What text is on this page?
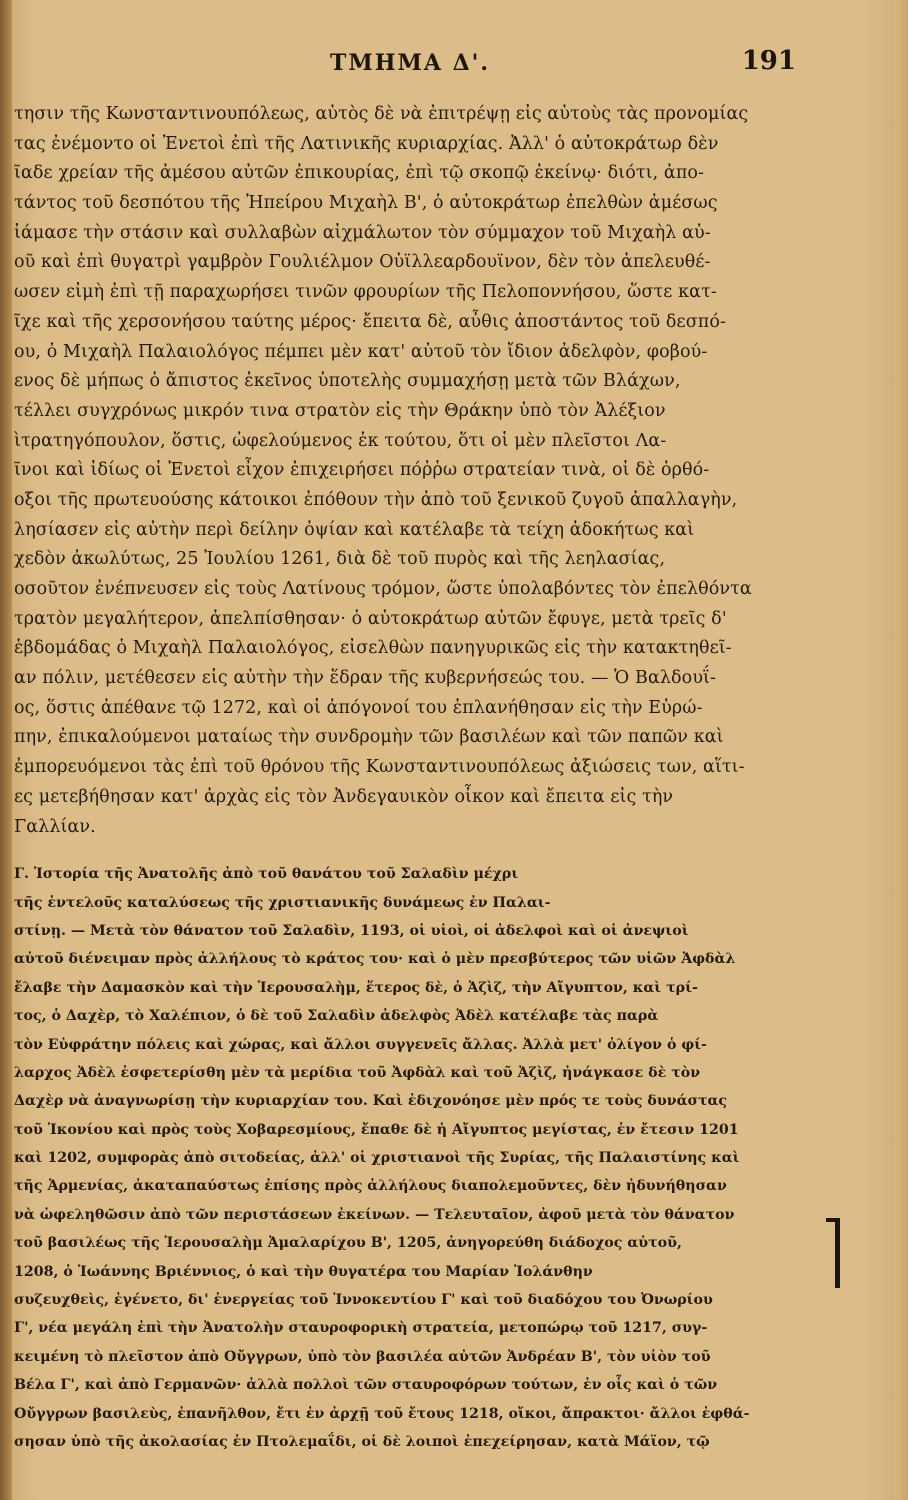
ΤΜΗΜΑ Δ'.	191
τησιν τῆς Κωνσταντινουπόλεως, αὐτὸς δὲ νὰ ἐπιτρέψῃ εἰς αὐτοὺς τὰς προνομίας
τας ἐνέμοντο οἱ Ἐνετοὶ ἐπὶ τῆς Λατινικῆς κυριαρχίας. Ἀλλ' ὁ αὐτοκράτωρ δὲν
ῖαδε χρείαν τῆς ἀμέσου αὐτῶν ἐπικουρίας, ἐπὶ τῷ σκοπῷ ἐκείνῳ· διότι, ἀπο-
τάντος τοῦ δεσπότου τῆς Ἠπείρου Μιχαὴλ Β', ὁ αὐτοκράτωρ ἐπελθὼν ἀμέσως
ἰάμασε τὴν στάσιν καὶ συλλαβὼν αἰχμάλωτον τὸν σύμμαχον τοῦ Μιχαὴλ αὐ-
οῦ καὶ ἐπὶ θυγατρὶ γαμβρὸν Γουλιέλμον Οὐϊλλεαρδουϊνον, δὲν τὸν ἀπελευθέ-
ωσεν εἰμὴ ἐπὶ τῇ παραχωρήσει τινῶν φρουρίων τῆς Πελοποννήσου, ὥστε κατ-
ῖχε καὶ τῆς χερσονήσου ταύτης μέρος· ἔπειτα δὲ, αὖθις ἀποστάντος τοῦ δεσπό-
ου, ὁ Μιχαὴλ Παλαιολόγος πέμπει μὲν κατ' αὐτοῦ τὸν ἴδιον ἀδελφὸν, φοβού-
ενος δὲ μήπως ὁ ἄπιστος ἐκεῖνος ὑποτελὴς συμμαχήσῃ μετὰ τῶν Βλάχων,
τέλλει συγχρόνως μικρόν τινα στρατὸν εἰς τὴν Θράκην ὑπὸ τὸν Ἀλέξιον
ὶτρατηγόπουλον, ὅστις, ὠφελούμενος ἐκ τούτου, ὅτι οἱ μὲν πλεῖστοι Λα-
ῖνοι καὶ ἰδίως οἱ Ἐνετοὶ εἶχον ἐπιχειρήσει πόῤῥω στρατείαν τινὰ, οἱ δὲ ὀρθό-
οξοι τῆς πρωτευούσης κάτοικοι ἐπόθουν τὴν ἀπὸ τοῦ ξενικοῦ ζυγοῦ ἀπαλλαγὴν,
λησίασεν εἰς αὐτὴν περὶ δείλην ὀψίαν καὶ κατέλαβε τὰ τείχη ἀδοκήτως καὶ
χεδὸν ἀκωλύτως, 25 Ἰουλίου 1261, διὰ δὲ τοῦ πυρὸς καὶ τῆς λεηλασίας,
οσοῦτον ἐνέπνευσεν εἰς τοὺς Λατίνους τρόμον, ὥστε ὑπολαβόντες τὸν ἐπελθόντα
τρατὸν μεγαλήτερον, ἀπελπίσθησαν· ὁ αὐτοκράτωρ αὐτῶν ἔφυγε, μετὰ τρεῖς δ'
ἑβδομάδας ὁ Μιχαὴλ Παλαιολόγος, εἰσελθὼν πανηγυρικῶς εἰς τὴν κατακτηθεῖ-
αν πόλιν, μετέθεσεν εἰς αὐτὴν τὴν ἕδραν τῆς κυβερνήσεώς του. — Ὁ Βαλδουΐ-
ος, ὅστις ἀπέθανε τῷ 1272, καὶ οἱ ἀπόγονοί του ἐπλανήθησαν εἰς τὴν Εὐρώ-
πην, ἐπικαλούμενοι ματαίως τὴν συνδρομὴν τῶν βασιλέων καὶ τῶν παπῶν καὶ
ἐμπορευόμενοι τὰς ἐπὶ τοῦ θρόνου τῆς Κωνσταντινουπόλεως ἀξιώσεις των, αἵτι-
ες μετεβήθησαν κατ' ἀρχὰς εἰς τὸν Ἀνδεγαυικὸν οἶκον καὶ ἔπειτα εἰς τὴν
Γαλλίαν.
Γ. Ἱστορία τῆς Ἀνατολῆς ἀπὸ τοῦ θανάτου τοῦ Σαλαδὶν μέχρι
τῆς ἐντελοῦς καταλύσεως τῆς χριστιανικῆς δυνάμεως ἐν Παλαι-
στίνῃ. — Μετὰ τὸν θάνατον τοῦ Σαλαδὶν, 1193, οἱ υἱοὶ, οἱ ἀδελφοὶ καὶ οἱ ἀνεψιοὶ
αὐτοῦ διένειμαν πρὸς ἀλλήλους τὸ κράτος του· καὶ ὁ μὲν πρεσβύτερος τῶν υἱῶν Ἀφδὰλ
ἔλαβε τὴν Δαμασκὸν καὶ τὴν Ἱερουσαλὴμ, ἕτερος δὲ, ὁ Ἀζὶζ, τὴν Αἴγυπτον, καὶ τρί-
τος, ὁ Δαχὲρ, τὸ Χαλέπιον, ὁ δὲ τοῦ Σαλαδὶν ἀδελφὸς Ἀδὲλ κατέλαβε τὰς παρὰ
τὸν Εὐφράτην πόλεις καὶ χώρας, καὶ ἄλλοι συγγενεῖς ἄλλας. Ἀλλὰ μετ' ὀλίγον ὁ φί-
λαρχος Ἀδὲλ ἐσφετερίσθη μὲν τὰ μερίδια τοῦ Ἀφδὰλ καὶ τοῦ Ἀζὶζ, ἠνάγκασε δὲ τὸν
Δαχὲρ νὰ ἀναγνωρίσῃ τὴν κυριαρχίαν του. Καὶ ἐδιχονόησε μὲν πρός τε τοὺς δυνάστας
τοῦ Ἰκονίου καὶ πρὸς τοὺς Χοβαρεσμίους, ἔπαθε δὲ ἡ Αἴγυπτος μεγίστας, ἐν ἔτεσιν 1201
καὶ 1202, συμφορὰς ἀπὸ σιτοδείας, ἀλλ' οἱ χριστιανοὶ τῆς Συρίας, τῆς Παλαιστίνης καὶ
τῆς Ἀρμενίας, ἀκαταπαύστως ἐπίσης πρὸς ἀλλήλους διαπολεμοῦντες, δὲν ἠδυνήθησαν
νὰ ὠφεληθῶσιν ἀπὸ τῶν περιστάσεων ἐκείνων. — Τελευταῖον, ἀφοῦ μετὰ τὸν θάνατον
τοῦ βασιλέως τῆς Ἱερουσαλὴμ Ἀμαλαρίχου Β', 1205, ἀνηγορεύθη διάδοχος αὐτοῦ,
1208, ὁ Ἰωάννης Βριέννιος, ὁ καὶ τὴν θυγατέρα του Μαρίαν Ἰολάνθην
συζευχθεὶς, ἐγένετο, δι' ἐνεργείας τοῦ Ἰννοκεντίου Γ' καὶ τοῦ διαδόχου του Ὀνωρίου
Γ', νέα μεγάλη ἐπὶ τὴν Ἀνατολὴν σταυροφορικὴ στρατεία, μετοπώρῳ τοῦ 1217, συγ-
κειμένη τὸ πλεῖστον ἀπὸ Οὔγγρων, ὑπὸ τὸν βασιλέα αὐτῶν Ἀνδρέαν Β', τὸν υἱὸν τοῦ
Βέλα Γ', καὶ ἀπὸ Γερμανῶν· ἀλλὰ πολλοὶ τῶν σταυροφόρων τούτων, ἐν οἷς καὶ ὁ τῶν
Οὔγγρων βασιλεὺς, ἐπανῆλθον, ἔτι ἐν ἀρχῇ τοῦ ἔτους 1218, οἴκοι, ἄπρακτοι· ἄλλοι ἐφθά-
σησαν ὑπὸ τῆς ἀκολασίας ἐν Πτολεμαΐδι, οἱ δὲ λοιποὶ ἐπεχείρησαν, κατὰ Μάϊον, τῷ
